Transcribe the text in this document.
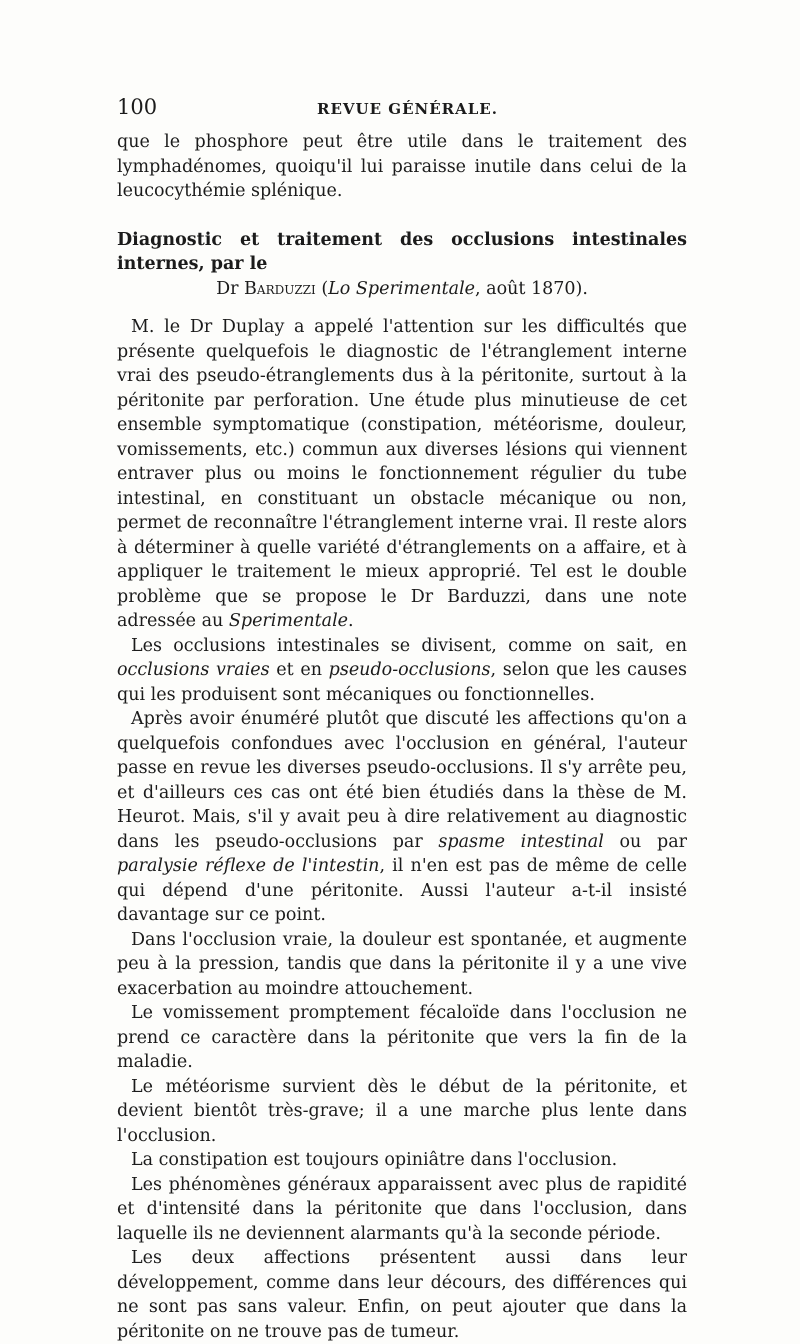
100	REVUE GÉNÉRALE.

que le phosphore peut être utile dans le traitement des lymphadénomes, quoiqu'il lui paraisse inutile dans celui de la leucocythémie splénique.

Diagnostic et traitement des occlusions intestinales internes, par le
Dr Barduzzi (Lo Sperimentale, août 1870).

M. le Dr Duplay a appelé l'attention sur les difficultés que présente quelquefois le diagnostic de l'étranglement interne vrai des pseudo-étranglements dus à la péritonite, surtout à la péritonite par perforation. Une étude plus minutieuse de cet ensemble symptomatique (constipation, météorisme, douleur, vomissements, etc.) commun aux diverses lésions qui viennent entraver plus ou moins le fonctionnement régulier du tube intestinal, en constituant un obstacle mécanique ou non, permet de reconnaître l'étranglement interne vrai. Il reste alors à déterminer à quelle variété d'étranglements on a affaire, et à appliquer le traitement le mieux approprié. Tel est le double problème que se propose le Dr Barduzzi, dans une note adressée au Sperimentale.

Les occlusions intestinales se divisent, comme on sait, en occlusions vraies et en pseudo-occlusions, selon que les causes qui les produisent sont mécaniques ou fonctionnelles.

Après avoir énuméré plutôt que discuté les affections qu'on a quelquefois confondues avec l'occlusion en général, l'auteur passe en revue les diverses pseudo-occlusions. Il s'y arrête peu, et d'ailleurs ces cas ont été bien étudiés dans la thèse de M. Heurot. Mais, s'il y avait peu à dire relativement au diagnostic dans les pseudo-occlusions par spasme intestinal ou par paralysie réflexe de l'intestin, il n'en est pas de même de celle qui dépend d'une péritonite. Aussi l'auteur a-t-il insisté davantage sur ce point.

Dans l'occlusion vraie, la douleur est spontanée, et augmente peu à la pression, tandis que dans la péritonite il y a une vive exacerbation au moindre attouchement.

Le vomissement promptement fécaloïde dans l'occlusion ne prend ce caractère dans la péritonite que vers la fin de la maladie.

Le météorisme survient dès le début de la péritonite, et devient bientôt très-grave; il a une marche plus lente dans l'occlusion.

La constipation est toujours opiniâtre dans l'occlusion.

Les phénomènes généraux apparaissent avec plus de rapidité et d'intensité dans la péritonite que dans l'occlusion, dans laquelle ils ne deviennent alarmants qu'à la seconde période.

Les deux affections présentent aussi dans leur développement, comme dans leur décours, des différences qui ne sont pas sans valeur. Enfin, on peut ajouter que dans la péritonite on ne trouve pas de tumeur.
